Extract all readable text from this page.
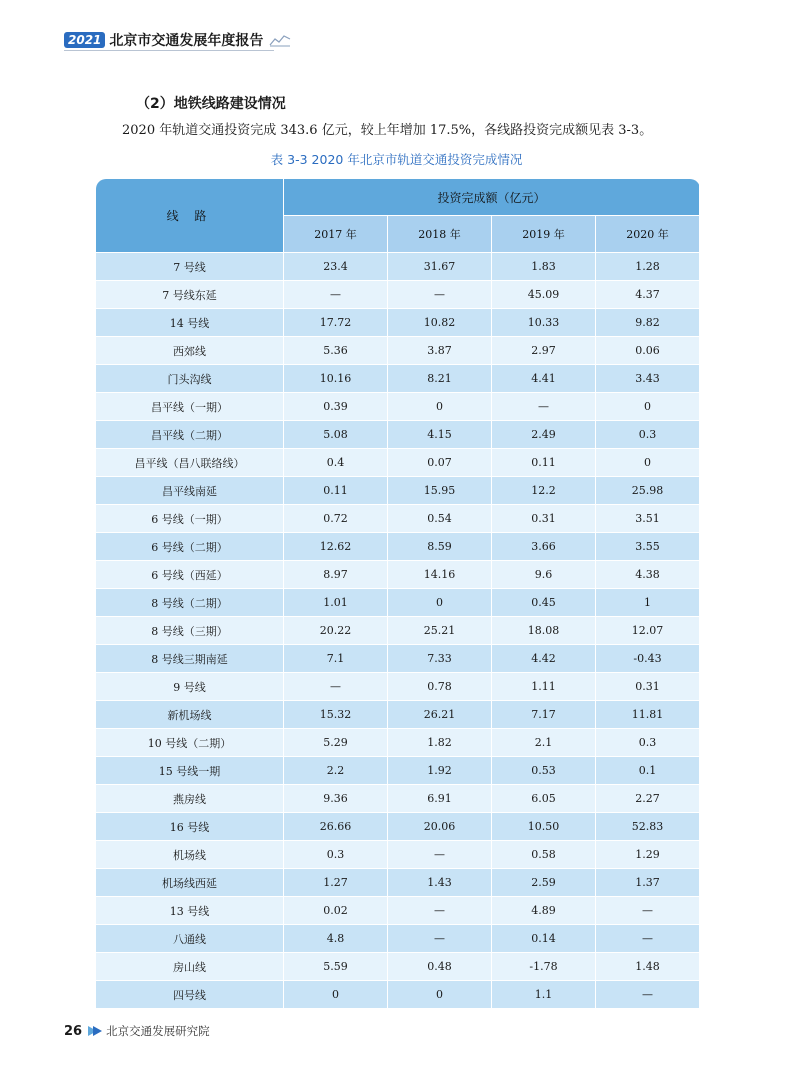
2021 北京市交通发展年度报告
（2）地铁线路建设情况
2020 年轨道交通投资完成 343.6 亿元，较上年增加 17.5%，各线路投资完成额见表 3-3。
表 3-3 2020 年北京市轨道交通投资完成情况
线 路	投资完成额（亿元）			
	2017 年	2018 年	2019 年	2020 年
7 号线	23.4	31.67	1.83	1.28
7 号线东延	—	—	45.09	4.37
14 号线	17.72	10.82	10.33	9.82
西郊线	5.36	3.87	2.97	0.06
门头沟线	10.16	8.21	4.41	3.43
昌平线（一期）	0.39	0	—	0
昌平线（二期）	5.08	4.15	2.49	0.3
昌平线（昌八联络线）	0.4	0.07	0.11	0
昌平线南延	0.11	15.95	12.2	25.98
6 号线（一期）	0.72	0.54	0.31	3.51
6 号线（二期）	12.62	8.59	3.66	3.55
6 号线（西延）	8.97	14.16	9.6	4.38
8 号线（二期）	1.01	0	0.45	1
8 号线（三期）	20.22	25.21	18.08	12.07
8 号线三期南延	7.1	7.33	4.42	-0.43
9 号线	—	0.78	1.11	0.31
新机场线	15.32	26.21	7.17	11.81
10 号线（二期）	5.29	1.82	2.1	0.3
15 号线一期	2.2	1.92	0.53	0.1
燕房线	9.36	6.91	6.05	2.27
16 号线	26.66	20.06	10.50	52.83
机场线	0.3	—	0.58	1.29
机场线西延	1.27	1.43	2.59	1.37
13 号线	0.02	—	4.89	—
八通线	4.8	—	0.14	—
房山线	5.59	0.48	-1.78	1.48
四号线	0	0	1.1	—
26 北京交通发展研究院
